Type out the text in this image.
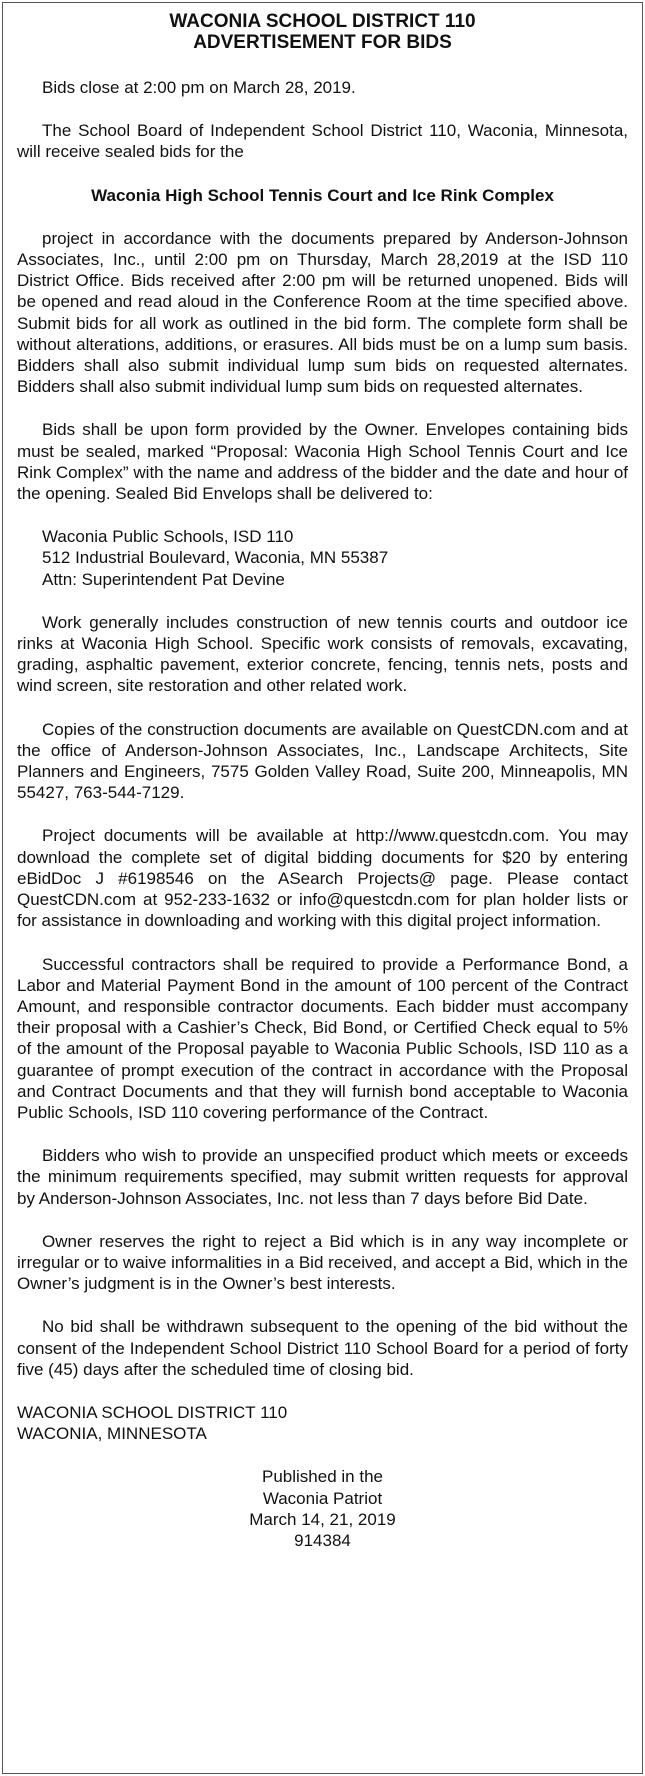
WACONIA SCHOOL DISTRICT 110
ADVERTISEMENT FOR BIDS

Bids close at 2:00 pm on March 28, 2019.

The School Board of Independent School District 110, Waconia, Minnesota, will receive sealed bids for the

Waconia High School Tennis Court and Ice Rink Complex

project in accordance with the documents prepared by Anderson-Johnson Associates, Inc., until 2:00 pm on Thursday, March 28,2019 at the ISD 110 District Office. Bids received after 2:00 pm will be returned unopened. Bids will be opened and read aloud in the Conference Room at the time specified above. Submit bids for all work as outlined in the bid form. The complete form shall be without alterations, additions, or erasures. All bids must be on a lump sum basis. Bidders shall also submit individual lump sum bids on requested alternates. Bidders shall also submit individual lump sum bids on requested alternates.

Bids shall be upon form provided by the Owner. Envelopes containing bids must be sealed, marked “Proposal: Waconia High School Tennis Court and Ice Rink Complex” with the name and address of the bidder and the date and hour of the opening. Sealed Bid Envelops shall be delivered to:

Waconia Public Schools, ISD 110
512 Industrial Boulevard, Waconia, MN 55387
Attn: Superintendent Pat Devine

Work generally includes construction of new tennis courts and outdoor ice rinks at Waconia High School. Specific work consists of removals, excavating, grading, asphaltic pavement, exterior concrete, fencing, tennis nets, posts and wind screen, site restoration and other related work.

Copies of the construction documents are available on QuestCDN.com and at the office of Anderson-Johnson Associates, Inc., Landscape Architects, Site Planners and Engineers, 7575 Golden Valley Road, Suite 200, Minneapolis, MN 55427, 763-544-7129.

Project documents will be available at http://www.questcdn.com. You may download the complete set of digital bidding documents for $20 by entering eBidDoc J #6198546 on the ASearch Projects@ page. Please contact QuestCDN.com at 952-233-1632 or info@questcdn.com for plan holder lists or for assistance in downloading and working with this digital project information.

Successful contractors shall be required to provide a Performance Bond, a Labor and Material Payment Bond in the amount of 100 percent of the Contract Amount, and responsible contractor documents. Each bidder must accompany their proposal with a Cashier’s Check, Bid Bond, or Certified Check equal to 5% of the amount of the Proposal payable to Waconia Public Schools, ISD 110 as a guarantee of prompt execution of the contract in accordance with the Proposal and Contract Documents and that they will furnish bond acceptable to Waconia Public Schools, ISD 110 covering performance of the Contract.

Bidders who wish to provide an unspecified product which meets or exceeds the minimum requirements specified, may submit written requests for approval by Anderson-Johnson Associates, Inc. not less than 7 days before Bid Date.

Owner reserves the right to reject a Bid which is in any way incomplete or irregular or to waive informalities in a Bid received, and accept a Bid, which in the Owner’s judgment is in the Owner’s best interests.

No bid shall be withdrawn subsequent to the opening of the bid without the consent of the Independent School District 110 School Board for a period of forty five (45) days after the scheduled time of closing bid.

WACONIA SCHOOL DISTRICT 110
WACONIA, MINNESOTA
Published in the
Waconia Patriot
March 14, 21, 2019
914384
